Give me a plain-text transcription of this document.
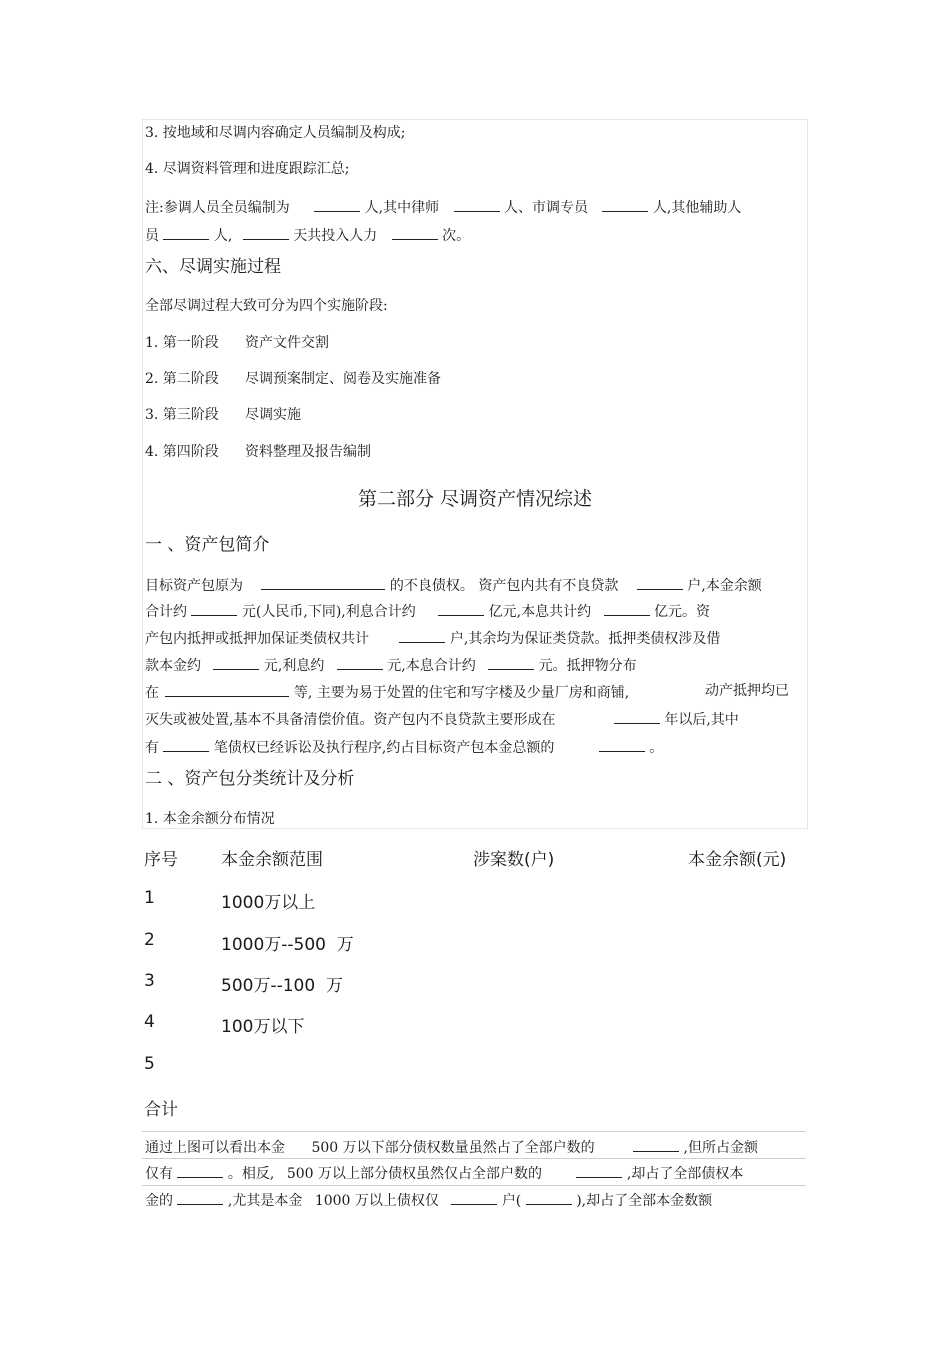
3. 按地域和尽调内容确定人员编制及构成;
4. 尽调资料管理和进度跟踪汇总;
注:参调人员全员编制为	人,其中律师	人、市调专员	人,其他辅助人
员	人,	天共投入人力	次。
六、尽调实施过程
全部尽调过程大致可分为四个实施阶段:
1. 第一阶段 资产文件交割
2. 第二阶段 尽调预案制定、阅卷及实施准备
3. 第三阶段 尽调实施
4. 第四阶段 资料整理及报告编制
第二部分 尽调资产情况综述
一 、资产包简介
目标资产包原为	的不良债权。 资产包内共有不良贷款	户,本金余额
合计约	元(人民币,下同),利息合计约	亿元,本息共计约	亿元。资
产包内抵押或抵押加保证类债权共计	户,其余均为保证类贷款。抵押类债权涉及借
款本金约	元,利息约	元,本息合计约	元。抵押物分布
在	等, 主要为易于处置的住宅和写字楼及少量厂房和商铺,	动产抵押均已
灭失或被处置,基本不具备清偿价值。资产包内不良贷款主要形成在	年以后,其中
有	笔债权已经诉讼及执行程序,约占目标资产包本金总额的	。
二 、资产包分类统计及分析
1. 本金余额分布情况
序号	本金余额范围	涉案数(户)	本金余额(元)
1	1000万以上
2	1000万--500  万
3	500万--100  万
4	100万以下
5
合计
通过上图可以看出本金 500 万以下部分债权数量虽然占了全部户数的	,但所占金额
仅有	。相反, 500 万以上部分债权虽然仅占全部户数的	,却占了全部债权本
金的	,尤其是本金 1000 万以上债权仅	户(	),却占了全部本金数额
